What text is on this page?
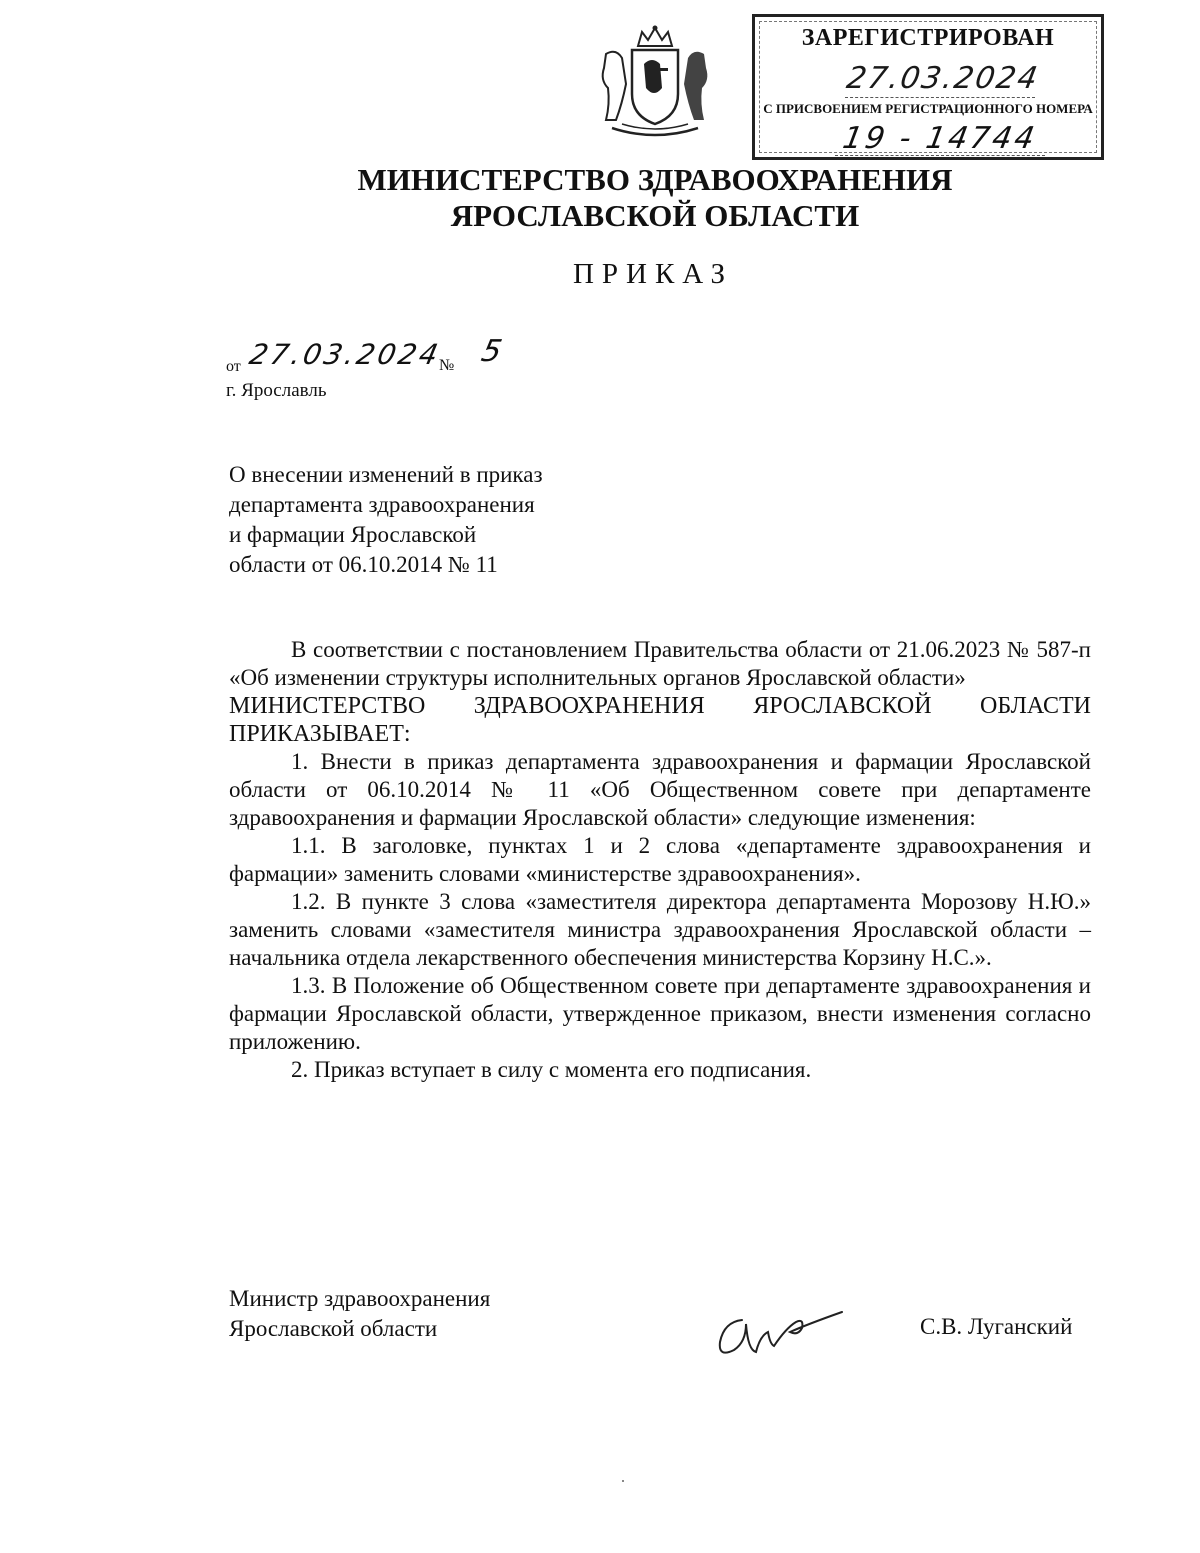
ЗАРЕГИСТРИРОВАН
27.03.2024
С ПРИСВОЕНИЕМ РЕГИСТРАЦИОННОГО НОМЕРА
19 - 14744
МИНИСТЕРСТВО ЗДРАВООХРАНЕНИЯ
ЯРОСЛАВСКОЙ ОБЛАСТИ
ПРИКАЗ
от 27.03.2024
№ 5
г. Ярославль
О внесении изменений в приказ
департамента здравоохранения
и фармации Ярославской
области от 06.10.2014 № 11

В соответствии с постановлением Правительства области от 21.06.2023 № 587-п «Об изменении структуры исполнительных органов Ярославской области»

МИНИСТЕРСТВО ЗДРАВООХРАНЕНИЯ ЯРОСЛАВСКОЙ ОБЛАСТИ ПРИКАЗЫВАЕТ:

1. Внести в приказ департамента здравоохранения и фармации Ярославской области от 06.10.2014 № 11 «Об Общественном совете при департаменте здравоохранения и фармации Ярославской области» следующие изменения:

1.1. В заголовке, пунктах 1 и 2 слова «департаменте здравоохранения и фармации» заменить словами «министерстве здравоохранения».

1.2. В пункте 3 слова «заместителя директора департамента Морозову Н.Ю.» заменить словами «заместителя министра здравоохранения Ярославской области – начальника отдела лекарственного обеспечения министерства Корзину Н.С.».

1.3. В Положение об Общественном совете при департаменте здравоохранения и фармации Ярославской области, утвержденное приказом, внести изменения согласно приложению.

2. Приказ вступает в силу с момента его подписания.

Министр здравоохранения
Ярославской области	С.В. Луганский
